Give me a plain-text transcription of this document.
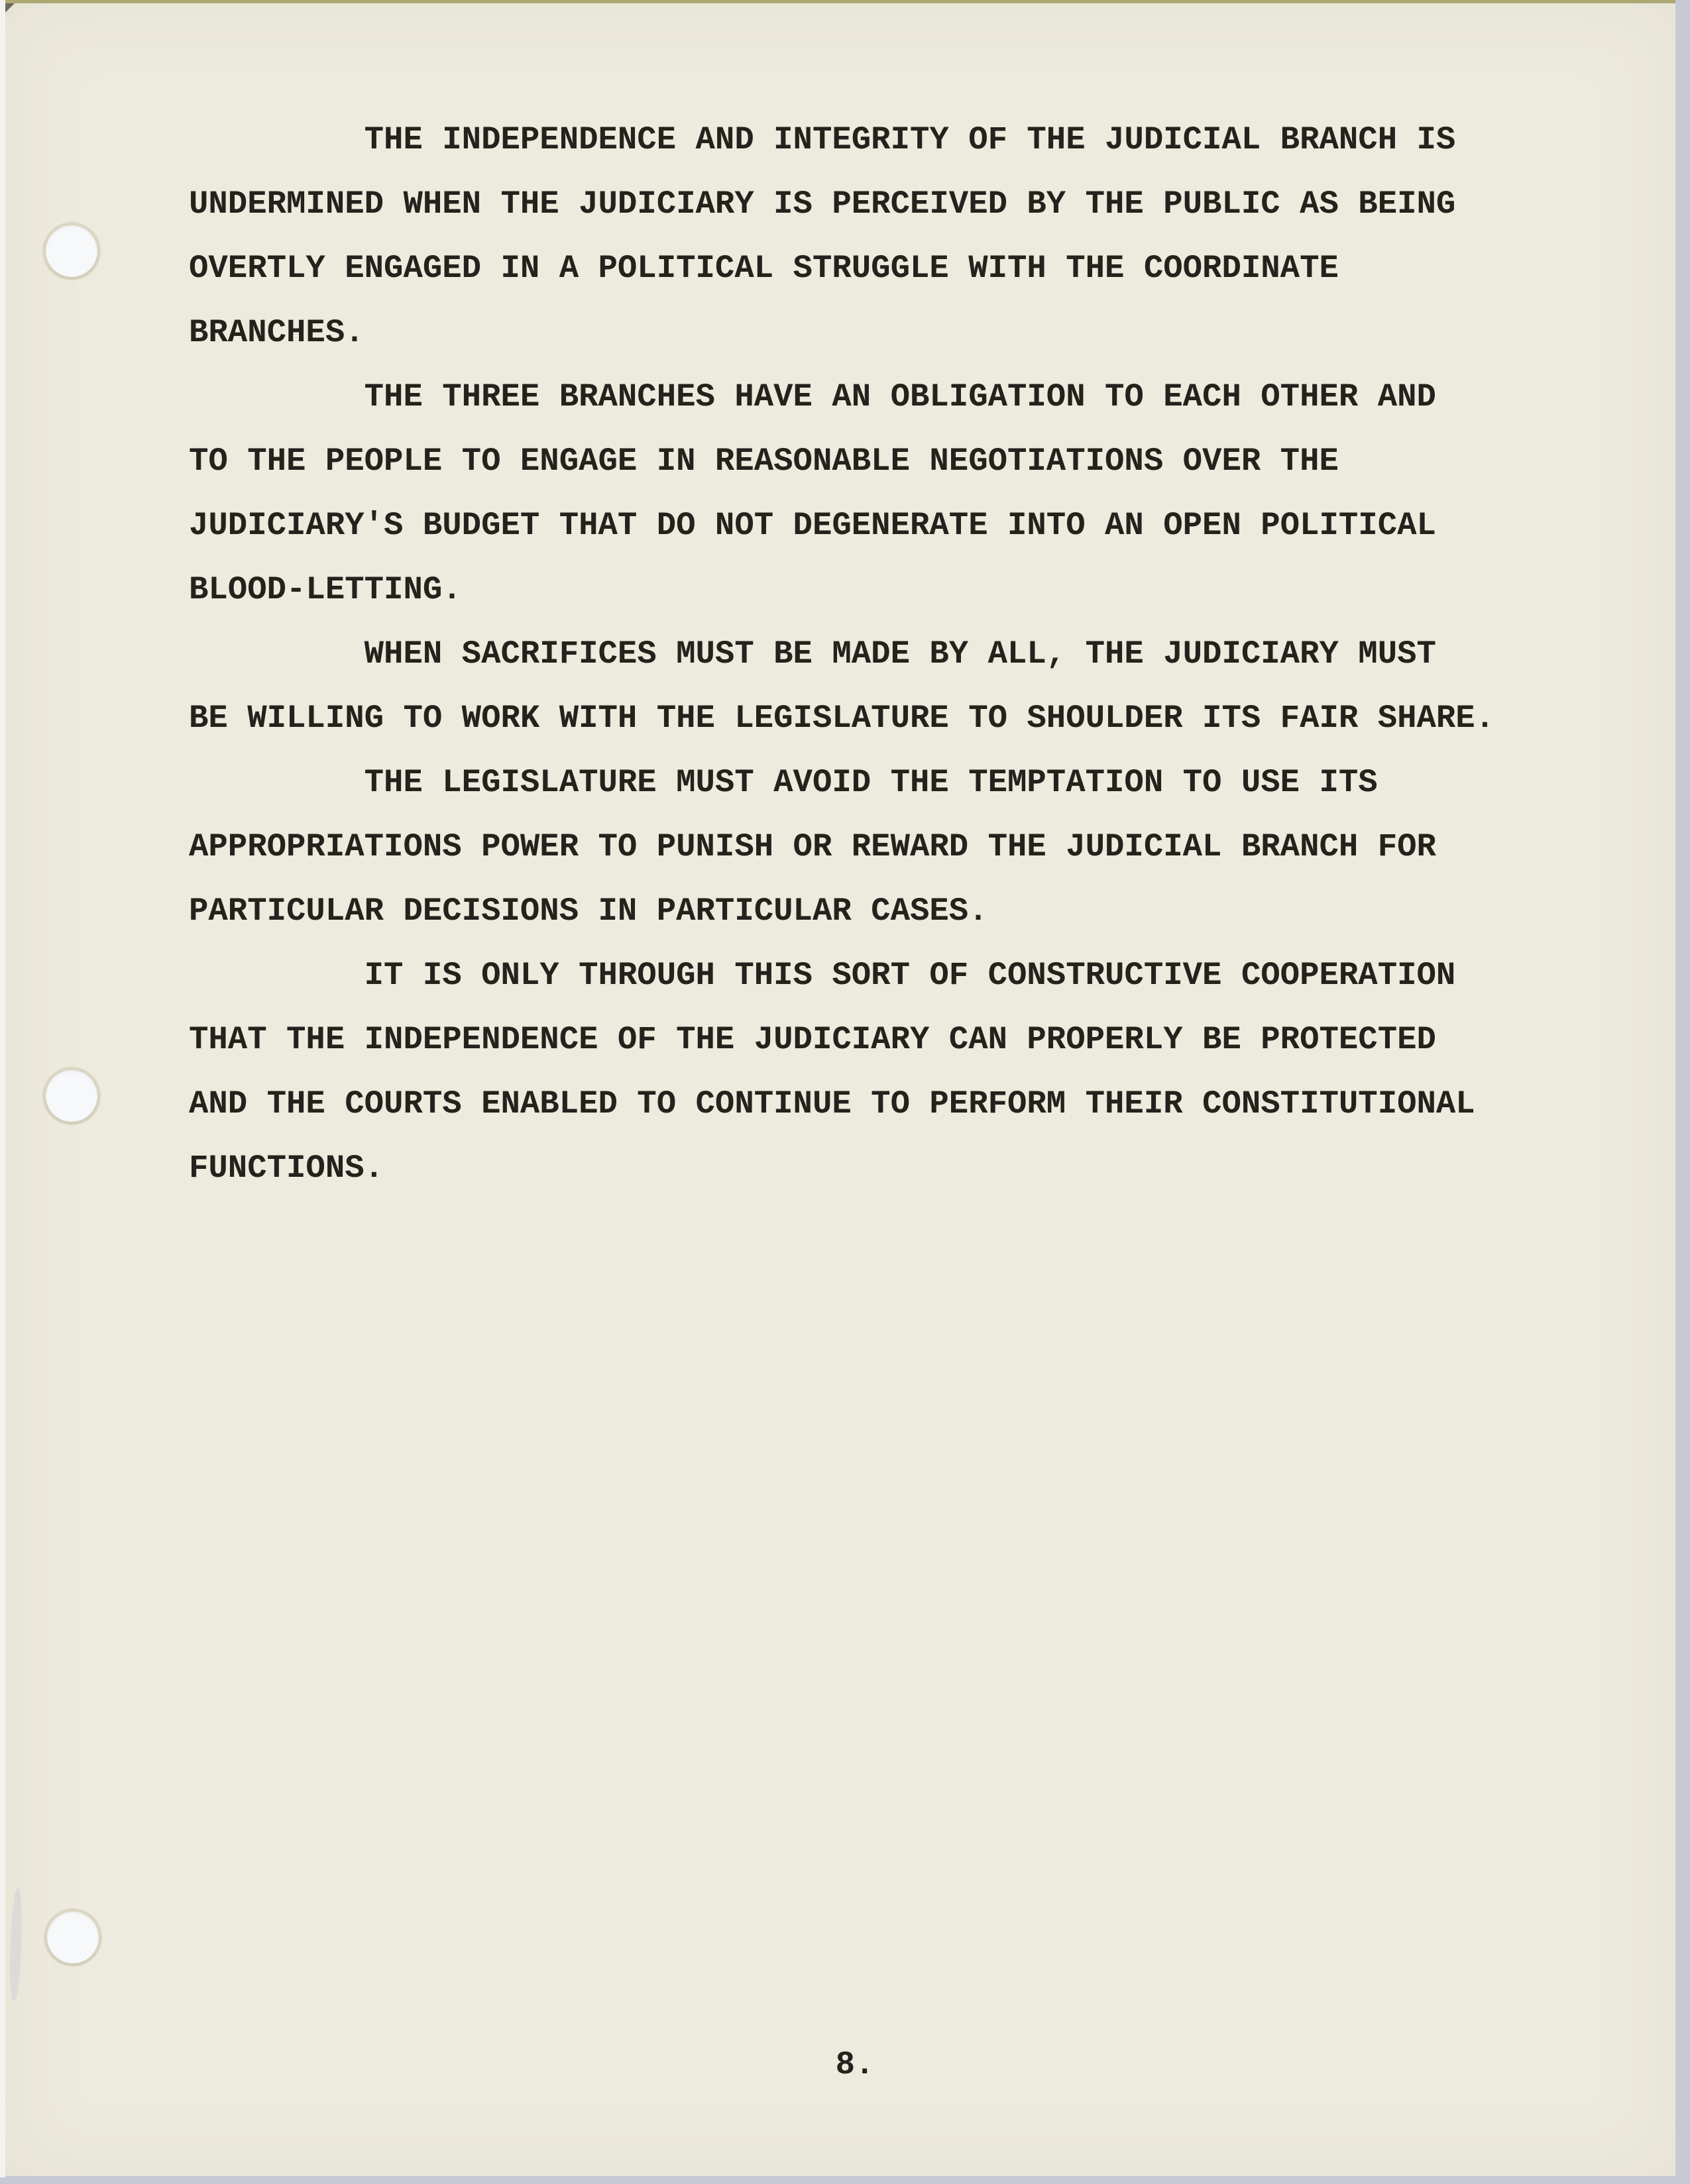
THE INDEPENDENCE AND INTEGRITY OF THE JUDICIAL BRANCH IS
UNDERMINED WHEN THE JUDICIARY IS PERCEIVED BY THE PUBLIC AS BEING
OVERTLY ENGAGED IN A POLITICAL STRUGGLE WITH THE COORDINATE
BRANCHES.
THE THREE BRANCHES HAVE AN OBLIGATION TO EACH OTHER AND
TO THE PEOPLE TO ENGAGE IN REASONABLE NEGOTIATIONS OVER THE
JUDICIARY'S BUDGET THAT DO NOT DEGENERATE INTO AN OPEN POLITICAL
BLOOD-LETTING.
WHEN SACRIFICES MUST BE MADE BY ALL, THE JUDICIARY MUST
BE WILLING TO WORK WITH THE LEGISLATURE TO SHOULDER ITS FAIR SHARE.
THE LEGISLATURE MUST AVOID THE TEMPTATION TO USE ITS
APPROPRIATIONS POWER TO PUNISH OR REWARD THE JUDICIAL BRANCH FOR
PARTICULAR DECISIONS IN PARTICULAR CASES.
IT IS ONLY THROUGH THIS SORT OF CONSTRUCTIVE COOPERATION
THAT THE INDEPENDENCE OF THE JUDICIARY CAN PROPERLY BE PROTECTED
AND THE COURTS ENABLED TO CONTINUE TO PERFORM THEIR CONSTITUTIONAL
FUNCTIONS.
8.
